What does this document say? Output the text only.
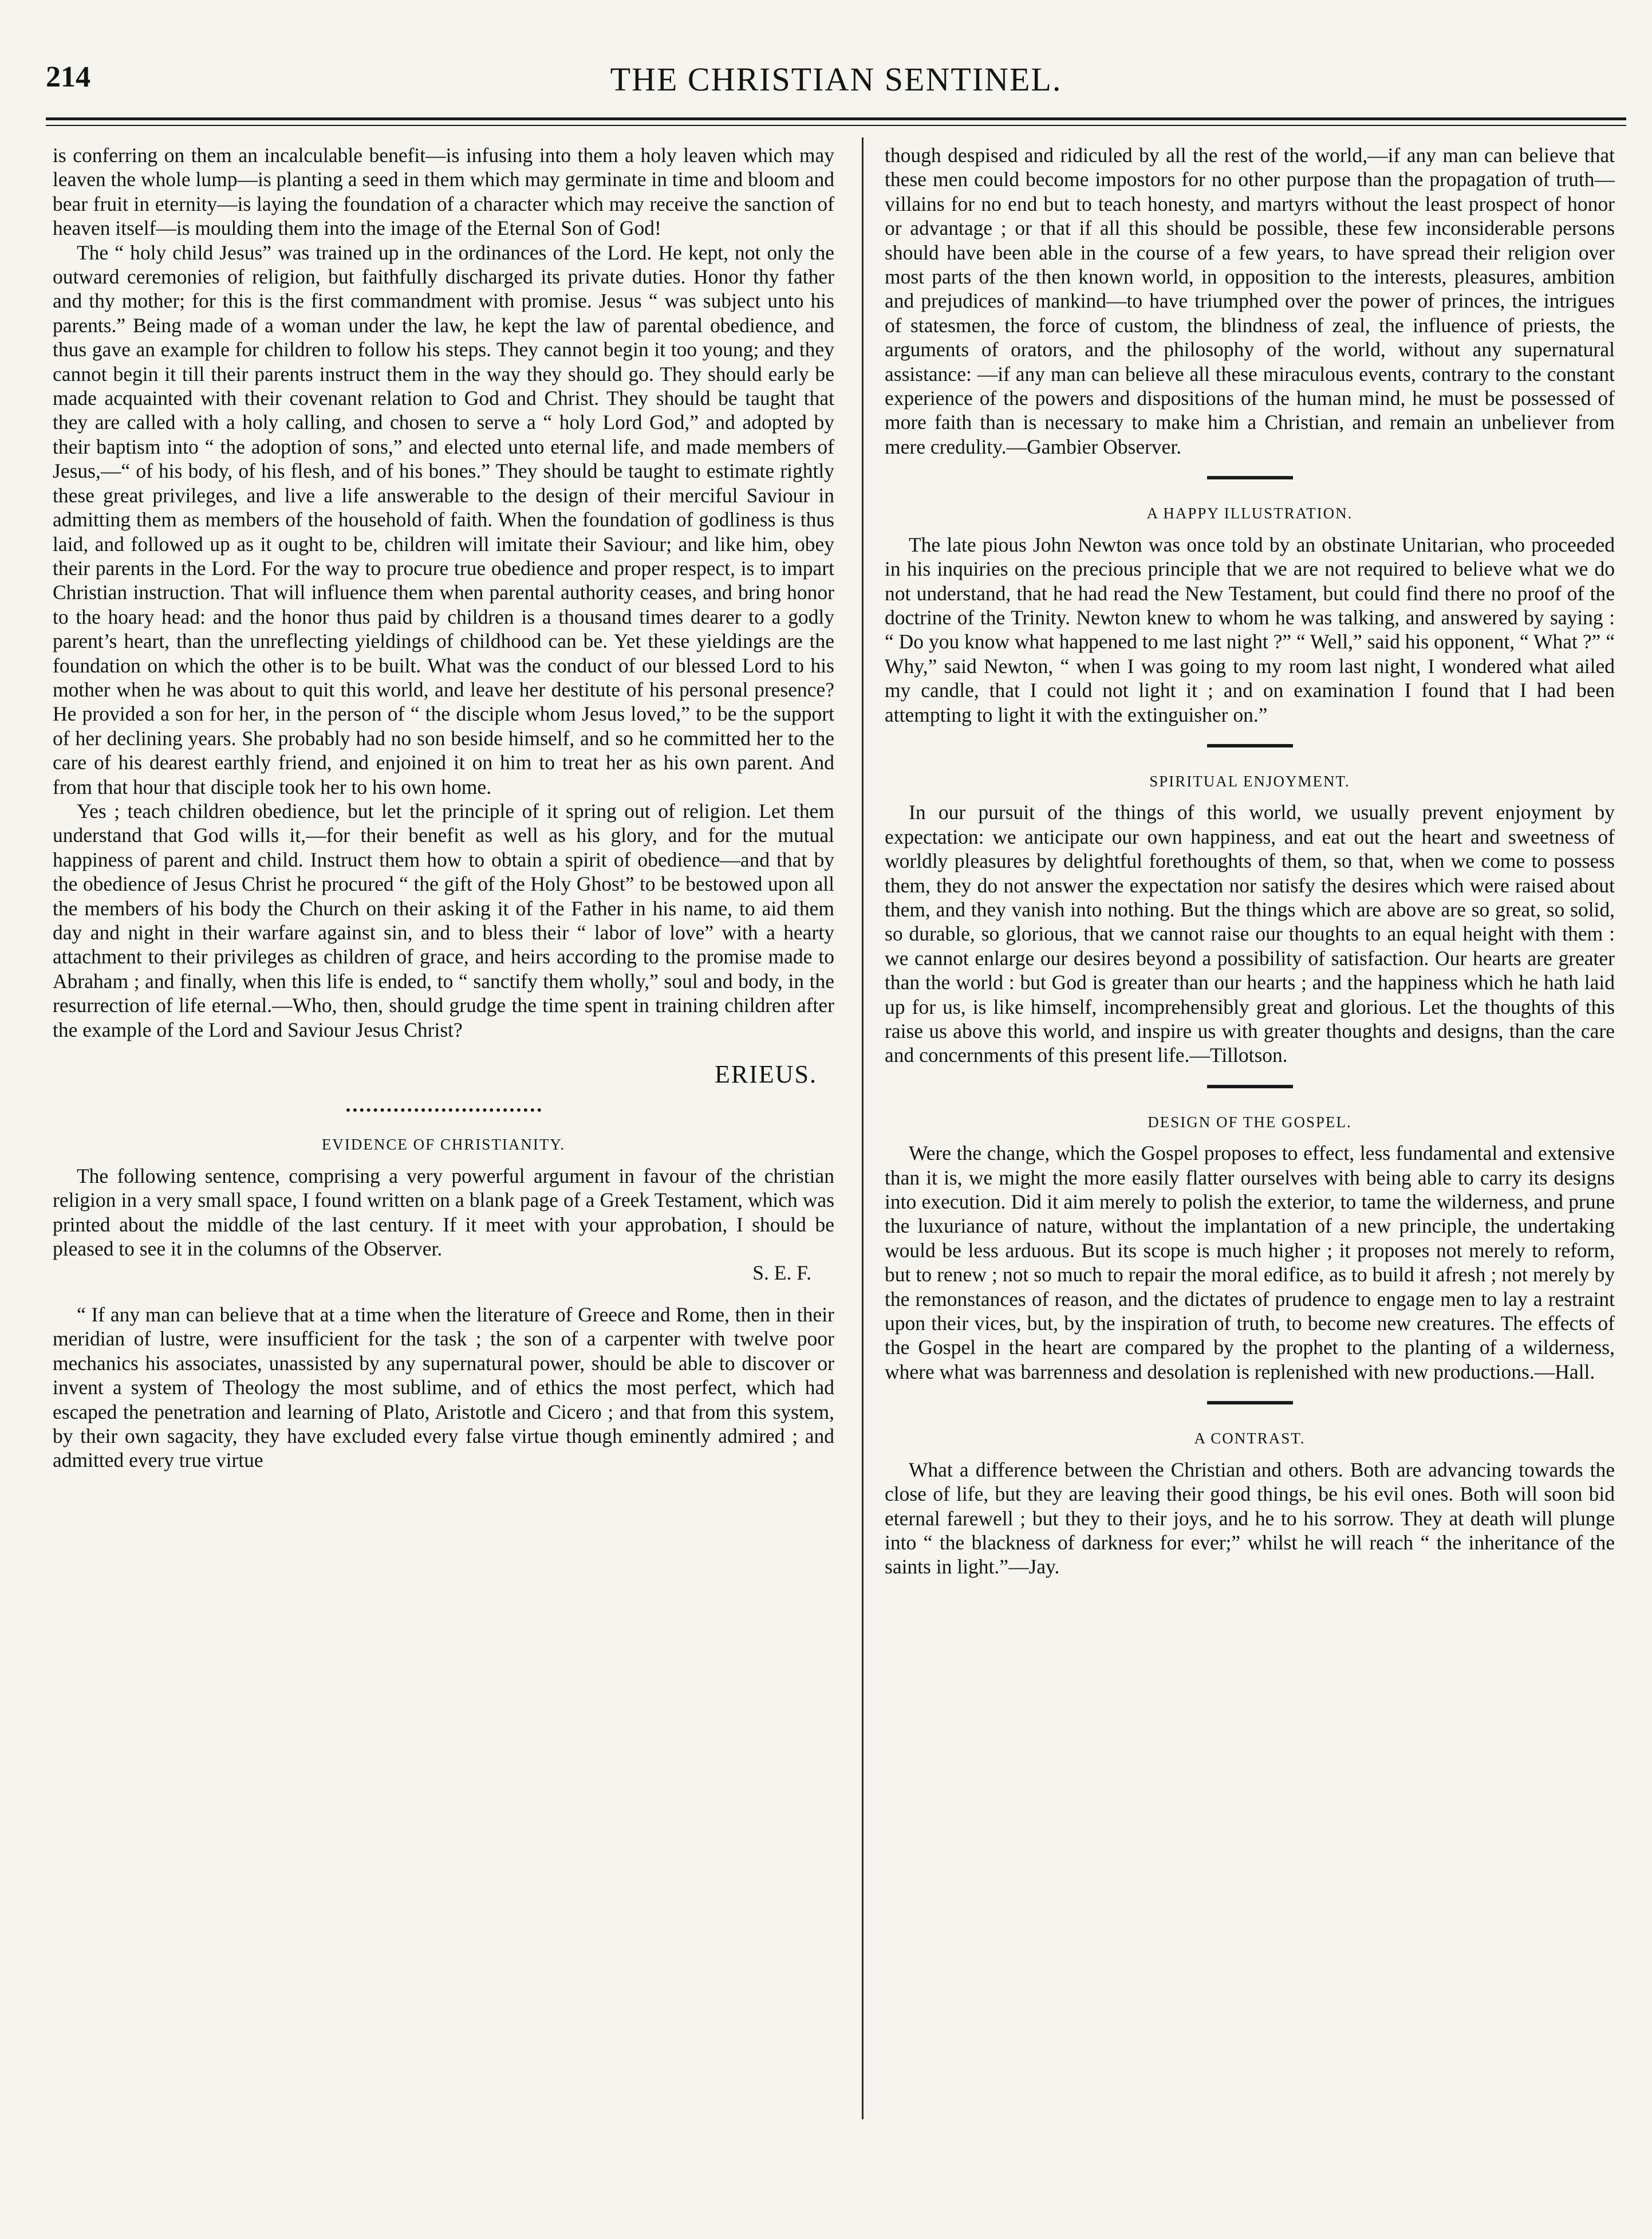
214	THE CHRISTIAN SENTINEL.

is conferring on them an incalculable benefit—is infusing into them a holy leaven which may leaven the whole lump—is planting a seed in them which may germinate in time and bloom and bear fruit in eternity—is laying the foundation of a character which may receive the sanction of heaven itself—is moulding them into the image of the Eternal Son of God!

The “ holy child Jesus” was trained up in the ordinances of the Lord. He kept, not only the outward ceremonies of religion, but faithfully discharged its private duties. Honor thy father and thy mother; for this is the first commandment with promise. Jesus “ was subject unto his parents.” Being made of a woman under the law, he kept the law of parental obedience, and thus gave an example for children to follow his steps. They cannot begin it too young; and they cannot begin it till their parents instruct them in the way they should go. They should early be made acquainted with their covenant relation to God and Christ. They should be taught that they are called with a holy calling, and chosen to serve a “ holy Lord God,” and adopted by their baptism into “ the adoption of sons,” and elected unto eternal life, and made members of Jesus,—“ of his body, of his flesh, and of his bones.” They should be taught to estimate rightly these great privileges, and live a life answerable to the design of their merciful Saviour in admitting them as members of the household of faith. When the foundation of godliness is thus laid, and followed up as it ought to be, children will imitate their Saviour; and like him, obey their parents in the Lord. For the way to procure true obedience and proper respect, is to impart Christian instruction. That will influence them when parental authority ceases, and bring honor to the hoary head: and the honor thus paid by children is a thousand times dearer to a godly parent’s heart, than the unreflecting yieldings of childhood can be. Yet these yieldings are the foundation on which the other is to be built. What was the conduct of our blessed Lord to his mother when he was about to quit this world, and leave her destitute of his personal presence? He provided a son for her, in the person of “ the disciple whom Jesus loved,” to be the support of her declining years. She probably had no son beside himself, and so he committed her to the care of his dearest earthly friend, and enjoined it on him to treat her as his own parent. And from that hour that disciple took her to his own home.

Yes ; teach children obedience, but let the principle of it spring out of religion. Let them understand that God wills it,—for their benefit as well as his glory, and for the mutual happiness of parent and child. Instruct them how to obtain a spirit of obedience—and that by the obedience of Jesus Christ he procured “ the gift of the Holy Ghost” to be bestowed upon all the members of his body the Church on their asking it of the Father in his name, to aid them day and night in their warfare against sin, and to bless their “ labor of love” with a hearty attachment to their privileges as children of grace, and heirs according to the promise made to Abraham ; and finally, when this life is ended, to “ sanctify them wholly,” soul and body, in the resurrection of life eternal.—Who, then, should grudge the time spent in training children after the example of the Lord and Saviour Jesus Christ?

ERIEUS.
EVIDENCE OF CHRISTIANITY.

The following sentence, comprising a very powerful argument in favour of the christian religion in a very small space, I found written on a blank page of a Greek Testament, which was printed about the middle of the last century. If it meet with your approbation, I should be pleased to see it in the columns of the Observer.

S. E. F.

“ If any man can believe that at a time when the literature of Greece and Rome, then in their meridian of lustre, were insufficient for the task ; the son of a carpenter with twelve poor mechanics his associates, unassisted by any supernatural power, should be able to discover or invent a system of Theology the most sublime, and of ethics the most perfect, which had escaped the penetration and learning of Plato, Aristotle and Cicero ; and that from this system, by their own sagacity, they have excluded every false virtue though eminently admired ; and admitted every true virtue

though despised and ridiculed by all the rest of the world,—if any man can believe that these men could become impostors for no other purpose than the propagation of truth—villains for no end but to teach honesty, and martyrs without the least prospect of honor or advantage ; or that if all this should be possible, these few inconsiderable persons should have been able in the course of a few years, to have spread their religion over most parts of the then known world, in opposition to the interests, pleasures, ambition and prejudices of mankind—to have triumphed over the power of princes, the intrigues of statesmen, the force of custom, the blindness of zeal, the influence of priests, the arguments of orators, and the philosophy of the world, without any supernatural assistance: —if any man can believe all these miraculous events, contrary to the constant experience of the powers and dispositions of the human mind, he must be possessed of more faith than is necessary to make him a Christian, and remain an unbeliever from mere credulity.—Gambier Observer.

A HAPPY ILLUSTRATION.

The late pious John Newton was once told by an obstinate Unitarian, who proceeded in his inquiries on the precious principle that we are not required to believe what we do not understand, that he had read the New Testament, but could find there no proof of the doctrine of the Trinity. Newton knew to whom he was talking, and answered by saying : “ Do you know what happened to me last night ?” “ Well,” said his opponent, “ What ?” “ Why,” said Newton, “ when I was going to my room last night, I wondered what ailed my candle, that I could not light it ; and on examination I found that I had been attempting to light it with the extinguisher on.”

SPIRITUAL ENJOYMENT.

In our pursuit of the things of this world, we usually prevent enjoyment by expectation: we anticipate our own happiness, and eat out the heart and sweetness of worldly pleasures by delightful forethoughts of them, so that, when we come to possess them, they do not answer the expectation nor satisfy the desires which were raised about them, and they vanish into nothing. But the things which are above are so great, so solid, so durable, so glorious, that we cannot raise our thoughts to an equal height with them : we cannot enlarge our desires beyond a possibility of satisfaction. Our hearts are greater than the world : but God is greater than our hearts ; and the happiness which he hath laid up for us, is like himself, incomprehensibly great and glorious. Let the thoughts of this raise us above this world, and inspire us with greater thoughts and designs, than the care and concernments of this present life.—Tillotson.

DESIGN OF THE GOSPEL.

Were the change, which the Gospel proposes to effect, less fundamental and extensive than it is, we might the more easily flatter ourselves with being able to carry its designs into execution. Did it aim merely to polish the exterior, to tame the wilderness, and prune the luxuriance of nature, without the implantation of a new principle, the undertaking would be less arduous. But its scope is much higher ; it proposes not merely to reform, but to renew ; not so much to repair the moral edifice, as to build it afresh ; not merely by the remonstances of reason, and the dictates of prudence to engage men to lay a restraint upon their vices, but, by the inspiration of truth, to become new creatures. The effects of the Gospel in the heart are compared by the prophet to the planting of a wilderness, where what was barrenness and desolation is replenished with new productions.—Hall.

A CONTRAST.

What a difference between the Christian and others. Both are advancing towards the close of life, but they are leaving their good things, be his evil ones. Both will soon bid eternal farewell ; but they to their joys, and he to his sorrow. They at death will plunge into “ the blackness of darkness for ever;” whilst he will reach “ the inheritance of the saints in light.”—Jay.
